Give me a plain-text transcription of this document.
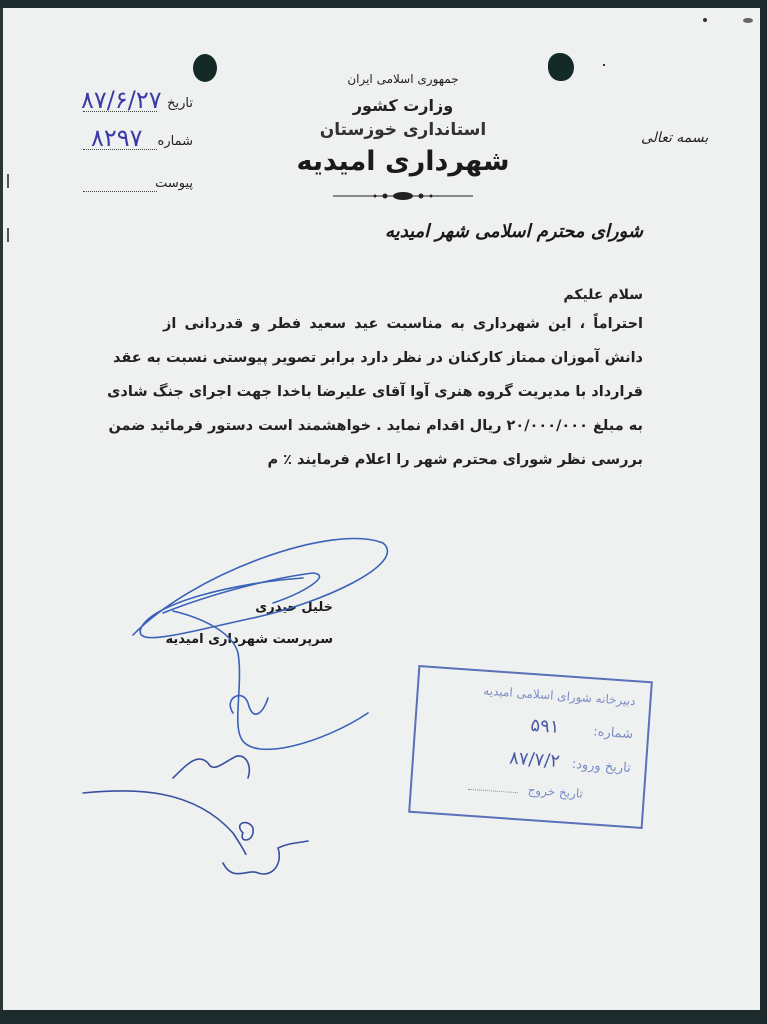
جمهوری اسلامی ایران
وزارت کشور
استانداری خوزستان
شهرداری امیدیه
بسمه تعالی
تاریخ
۸۷/۶/۲۷
شماره
۸۲۹۷
پیوست
شورای محترم اسلامی شهر امیدیه
سلام علیکم
احتراماً ، این شهرداری به مناسبت عید سعید فطر و قدردانی از
دانش آموزان ممتاز کارکنان در نظر دارد برابر تصویر پیوستی نسبت به عقد
قرارداد با مدیریت گروه هنری آوا آقای علیرضا باخدا جهت اجرای جنگ شادی
به مبلغ ۲۰/۰۰۰/۰۰۰ ریال اقدام نماید . خواهشمند است دستور فرمائید ضمن
بررسی نظر شورای محترم شهر را اعلام فرمایند ٪ م
خلیل حیدری
سرپرست شهرداری امیدیه
دبیرخانه شورای اسلامی امیدیه
شماره: ۵۹۱
تاریخ ورود: ۸۷/۷/۲
تاریخ خروج
